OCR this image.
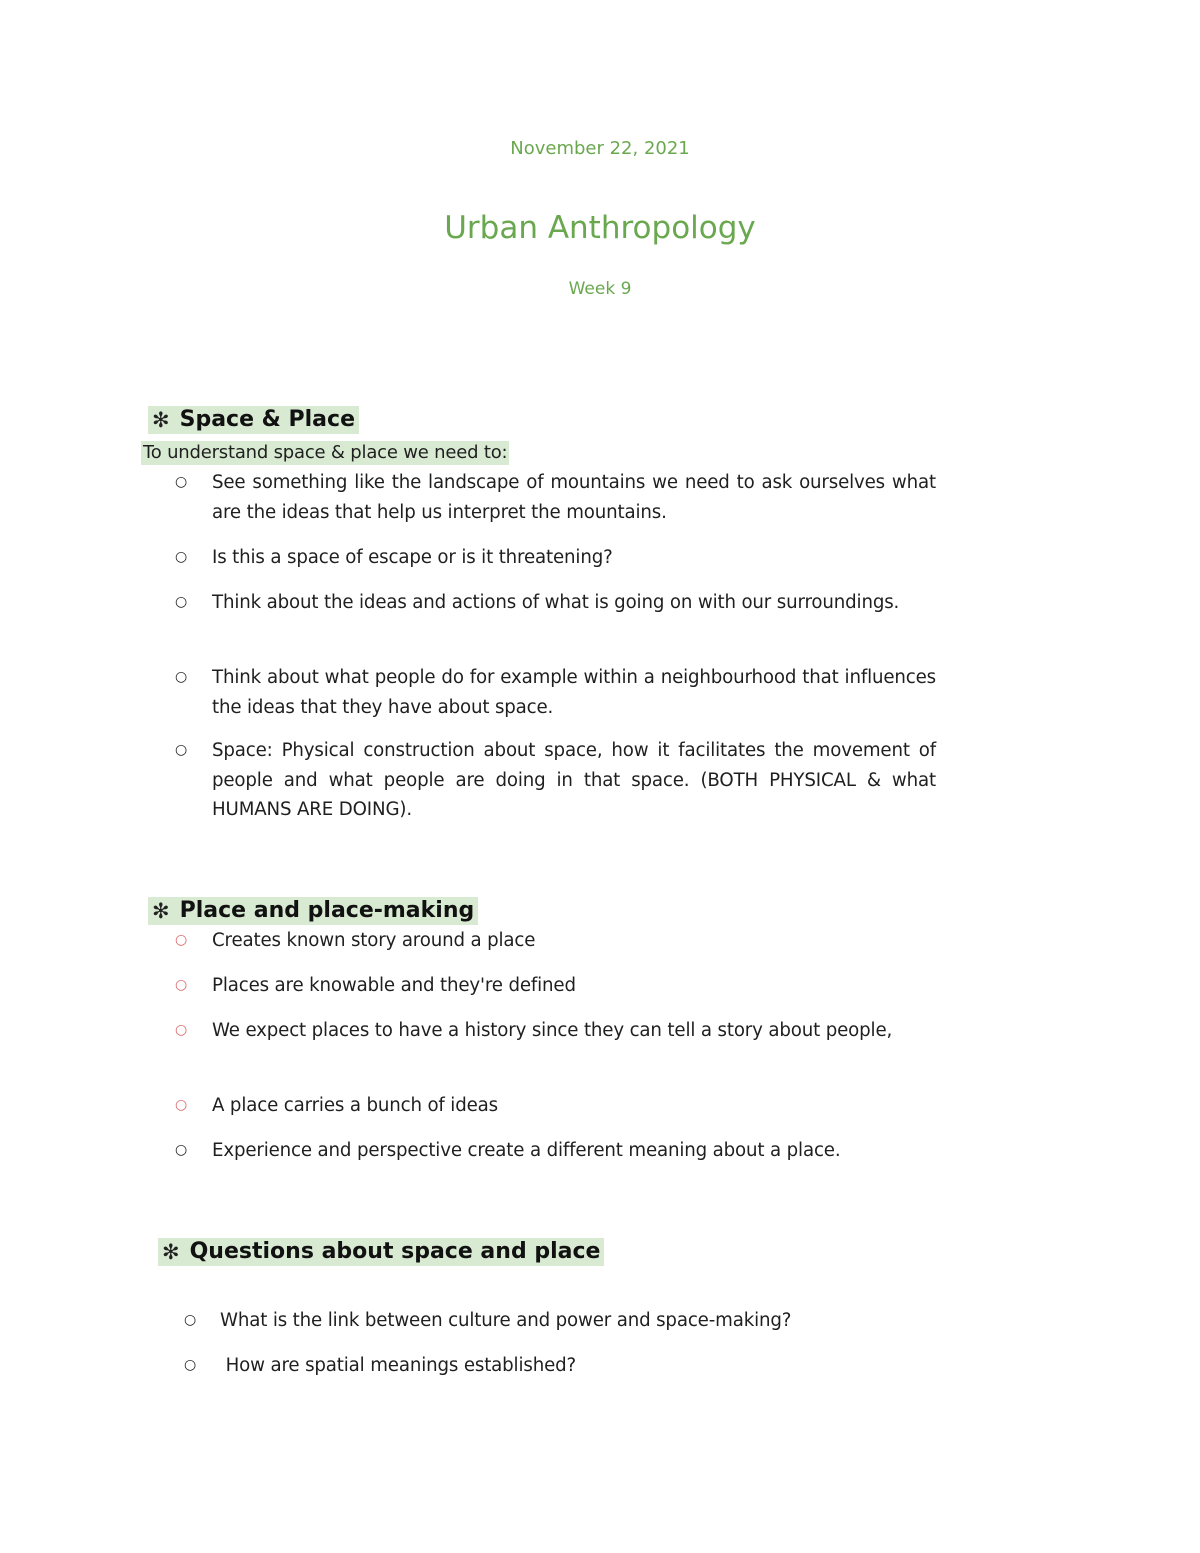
November 22, 2021
Urban Anthropology
Week 9
✻ Space & Place
To understand space & place we need to:
○ See something like the landscape of mountains we need to ask ourselves what are the ideas that help us interpret the mountains.
○ Is this a space of escape or is it threatening?
○ Think about the ideas and actions of what is going on with our surroundings.
○ Think about what people do for example within a neighbourhood that influences the ideas that they have about space.
○ Space: Physical construction about space, how it facilitates the movement of people and what people are doing in that space. (BOTH PHYSICAL & what HUMANS ARE DOING).
✻ Place and place-making
○ Creates known story around a place
○ Places are knowable and they're defined
○ We expect places to have a history since they can tell a story about people,
○ A place carries a bunch of ideas
○ Experience and perspective create a different meaning about a place.
✻ Questions about space and place
○ What is the link between culture and power and space-making?
○ How are spatial meanings established?
